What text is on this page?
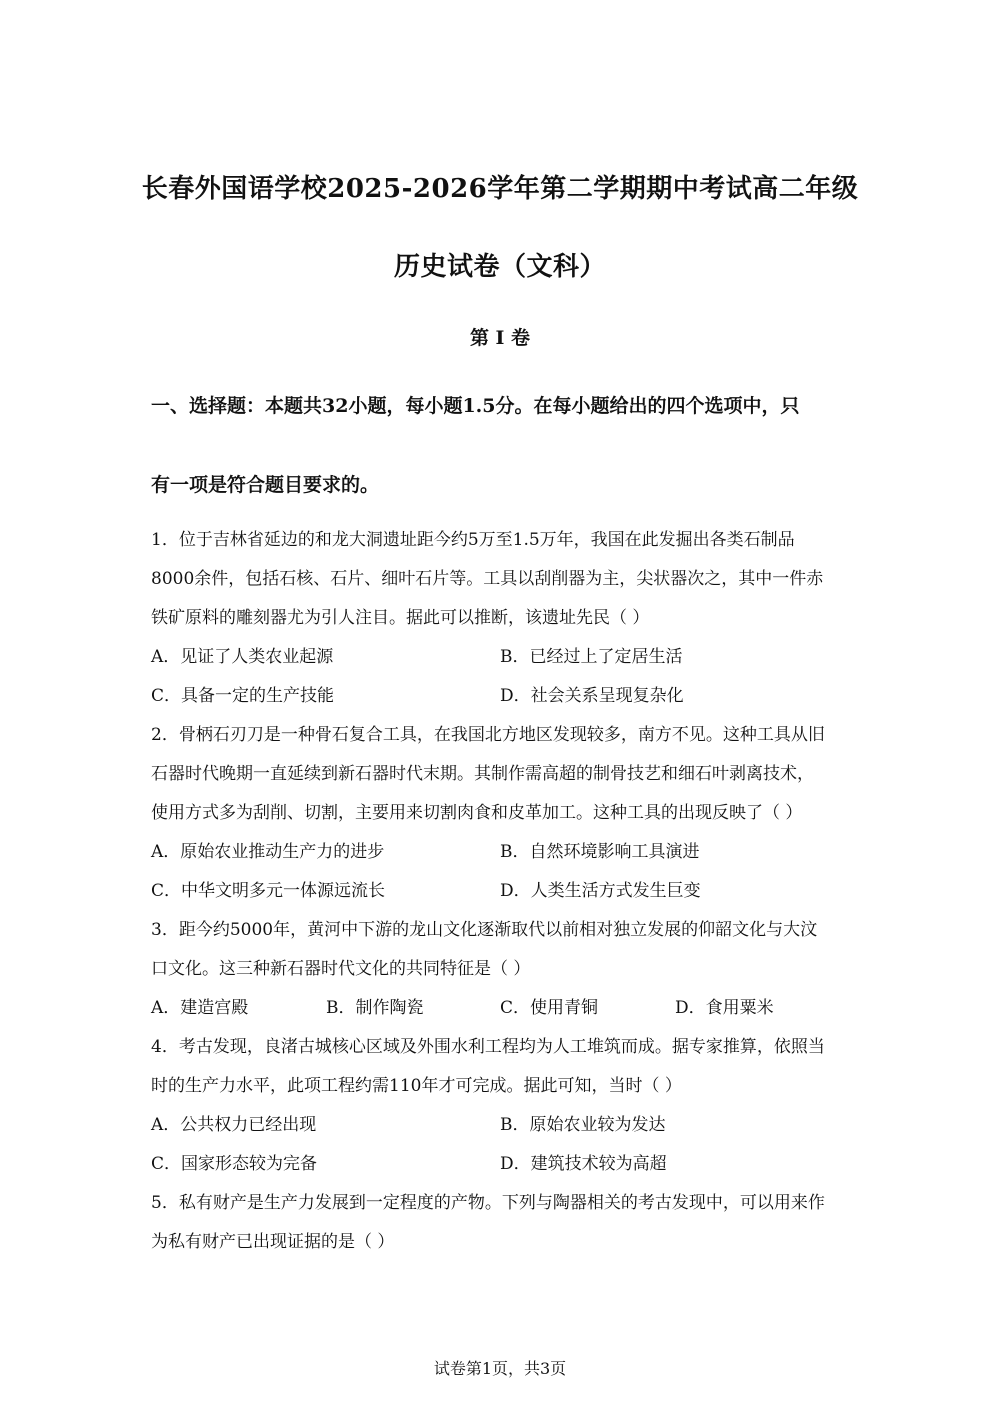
长春外国语学校2025-2026学年第二学期期中考试高二年级
历史试卷（文科）
第 I 卷
一、选择题：本题共32小题，每小题1.5分。在每小题给出的四个选项中，只
有一项是符合题目要求的。
1．位于吉林省延边的和龙大洞遗址距今约5万至1.5万年，我国在此发掘出各类石制品
8000余件，包括石核、石片、细叶石片等。工具以刮削器为主，尖状器次之，其中一件赤
铁矿原料的雕刻器尤为引人注目。据此可以推断，该遗址先民（ ）
A．见证了人类农业起源	B．已经过上了定居生活
C．具备一定的生产技能	D．社会关系呈现复杂化
2．骨柄石刃刀是一种骨石复合工具，在我国北方地区发现较多，南方不见。这种工具从旧
石器时代晚期一直延续到新石器时代末期。其制作需高超的制骨技艺和细石叶剥离技术，
使用方式多为刮削、切割，主要用来切割肉食和皮革加工。这种工具的出现反映了（ ）
A．原始农业推动生产力的进步	B．自然环境影响工具演进
C．中华文明多元一体源远流长	D．人类生活方式发生巨变
3．距今约5000年，黄河中下游的龙山文化逐渐取代以前相对独立发展的仰韶文化与大汶
口文化。这三种新石器时代文化的共同特征是（ ）
A．建造宫殿	B．制作陶瓷	C．使用青铜	D．食用粟米
4．考古发现，良渚古城核心区域及外围水利工程均为人工堆筑而成。据专家推算，依照当
时的生产力水平，此项工程约需110年才可完成。据此可知，当时（ ）
A．公共权力已经出现	B．原始农业较为发达
C．国家形态较为完备	D．建筑技术较为高超
5．私有财产是生产力发展到一定程度的产物。下列与陶器相关的考古发现中，可以用来作
为私有财产已出现证据的是（ ）
试卷第1页，共3页
